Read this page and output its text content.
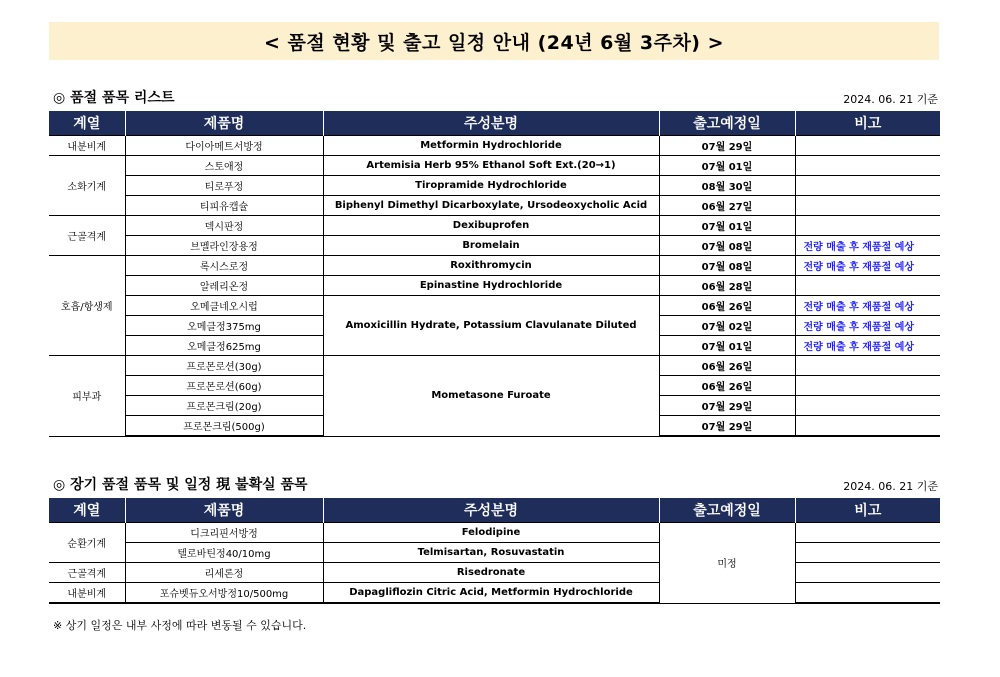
< 품절 현황 및 출고 일정 안내 (24년 6월 3주차) >
◎ 품절 품목 리스트	2024. 06. 21 기준
계열	제품명	주성분명	출고예정일	비고
내분비계	다이아메트서방정	Metformin Hydrochloride	07월 29일	
소화기계	스토애정	Artemisia Herb 95% Ethanol Soft Ext.(20→1)	07월 01일	
	티로푸정	Tiropramide Hydrochloride	08월 30일	
	티피유캡슐	Biphenyl Dimethyl Dicarboxylate, Ursodeoxycholic Acid	06월 27일	
근골격계	덱시판정	Dexibuprofen	07월 01일	
	브멜라인장용정	Bromelain	07월 08일	전량 매출 후 재품절 예상
호흡/항생제	록시스로정	Roxithromycin	07월 08일	전량 매출 후 재품절 예상
	알레리온정	Epinastine Hydrochloride	06월 28일	
	오메클네오시럽	Amoxicillin Hydrate, Potassium Clavulanate Diluted	06월 26일	전량 매출 후 재품절 예상
	오메클정375mg		07월 02일	전량 매출 후 재품절 예상
	오메클정625mg		07월 01일	전량 매출 후 재품절 예상
피부과	프로몬로션(30g)	Mometasone Furoate	06월 26일	
	프로몬로션(60g)		06월 26일	
	프로몬크림(20g)		07월 29일	
	프로몬크림(500g)		07월 29일	
◎ 장기 품절 품목 및 일정 現 불확실 품목	2024. 06. 21 기준
계열	제품명	주성분명	출고예정일	비고
순환기계	디크리핀서방정	Felodipine	미정	
	텔로바틴정40/10mg	Telmisartan, Rosuvastatin		
근골격계	리세론정	Risedronate		
내분비계	포슈벳듀오서방정10/500mg	Dapagliflozin Citric Acid, Metformin Hydrochloride		
※ 상기 일정은 내부 사정에 따라 변동될 수 있습니다.
